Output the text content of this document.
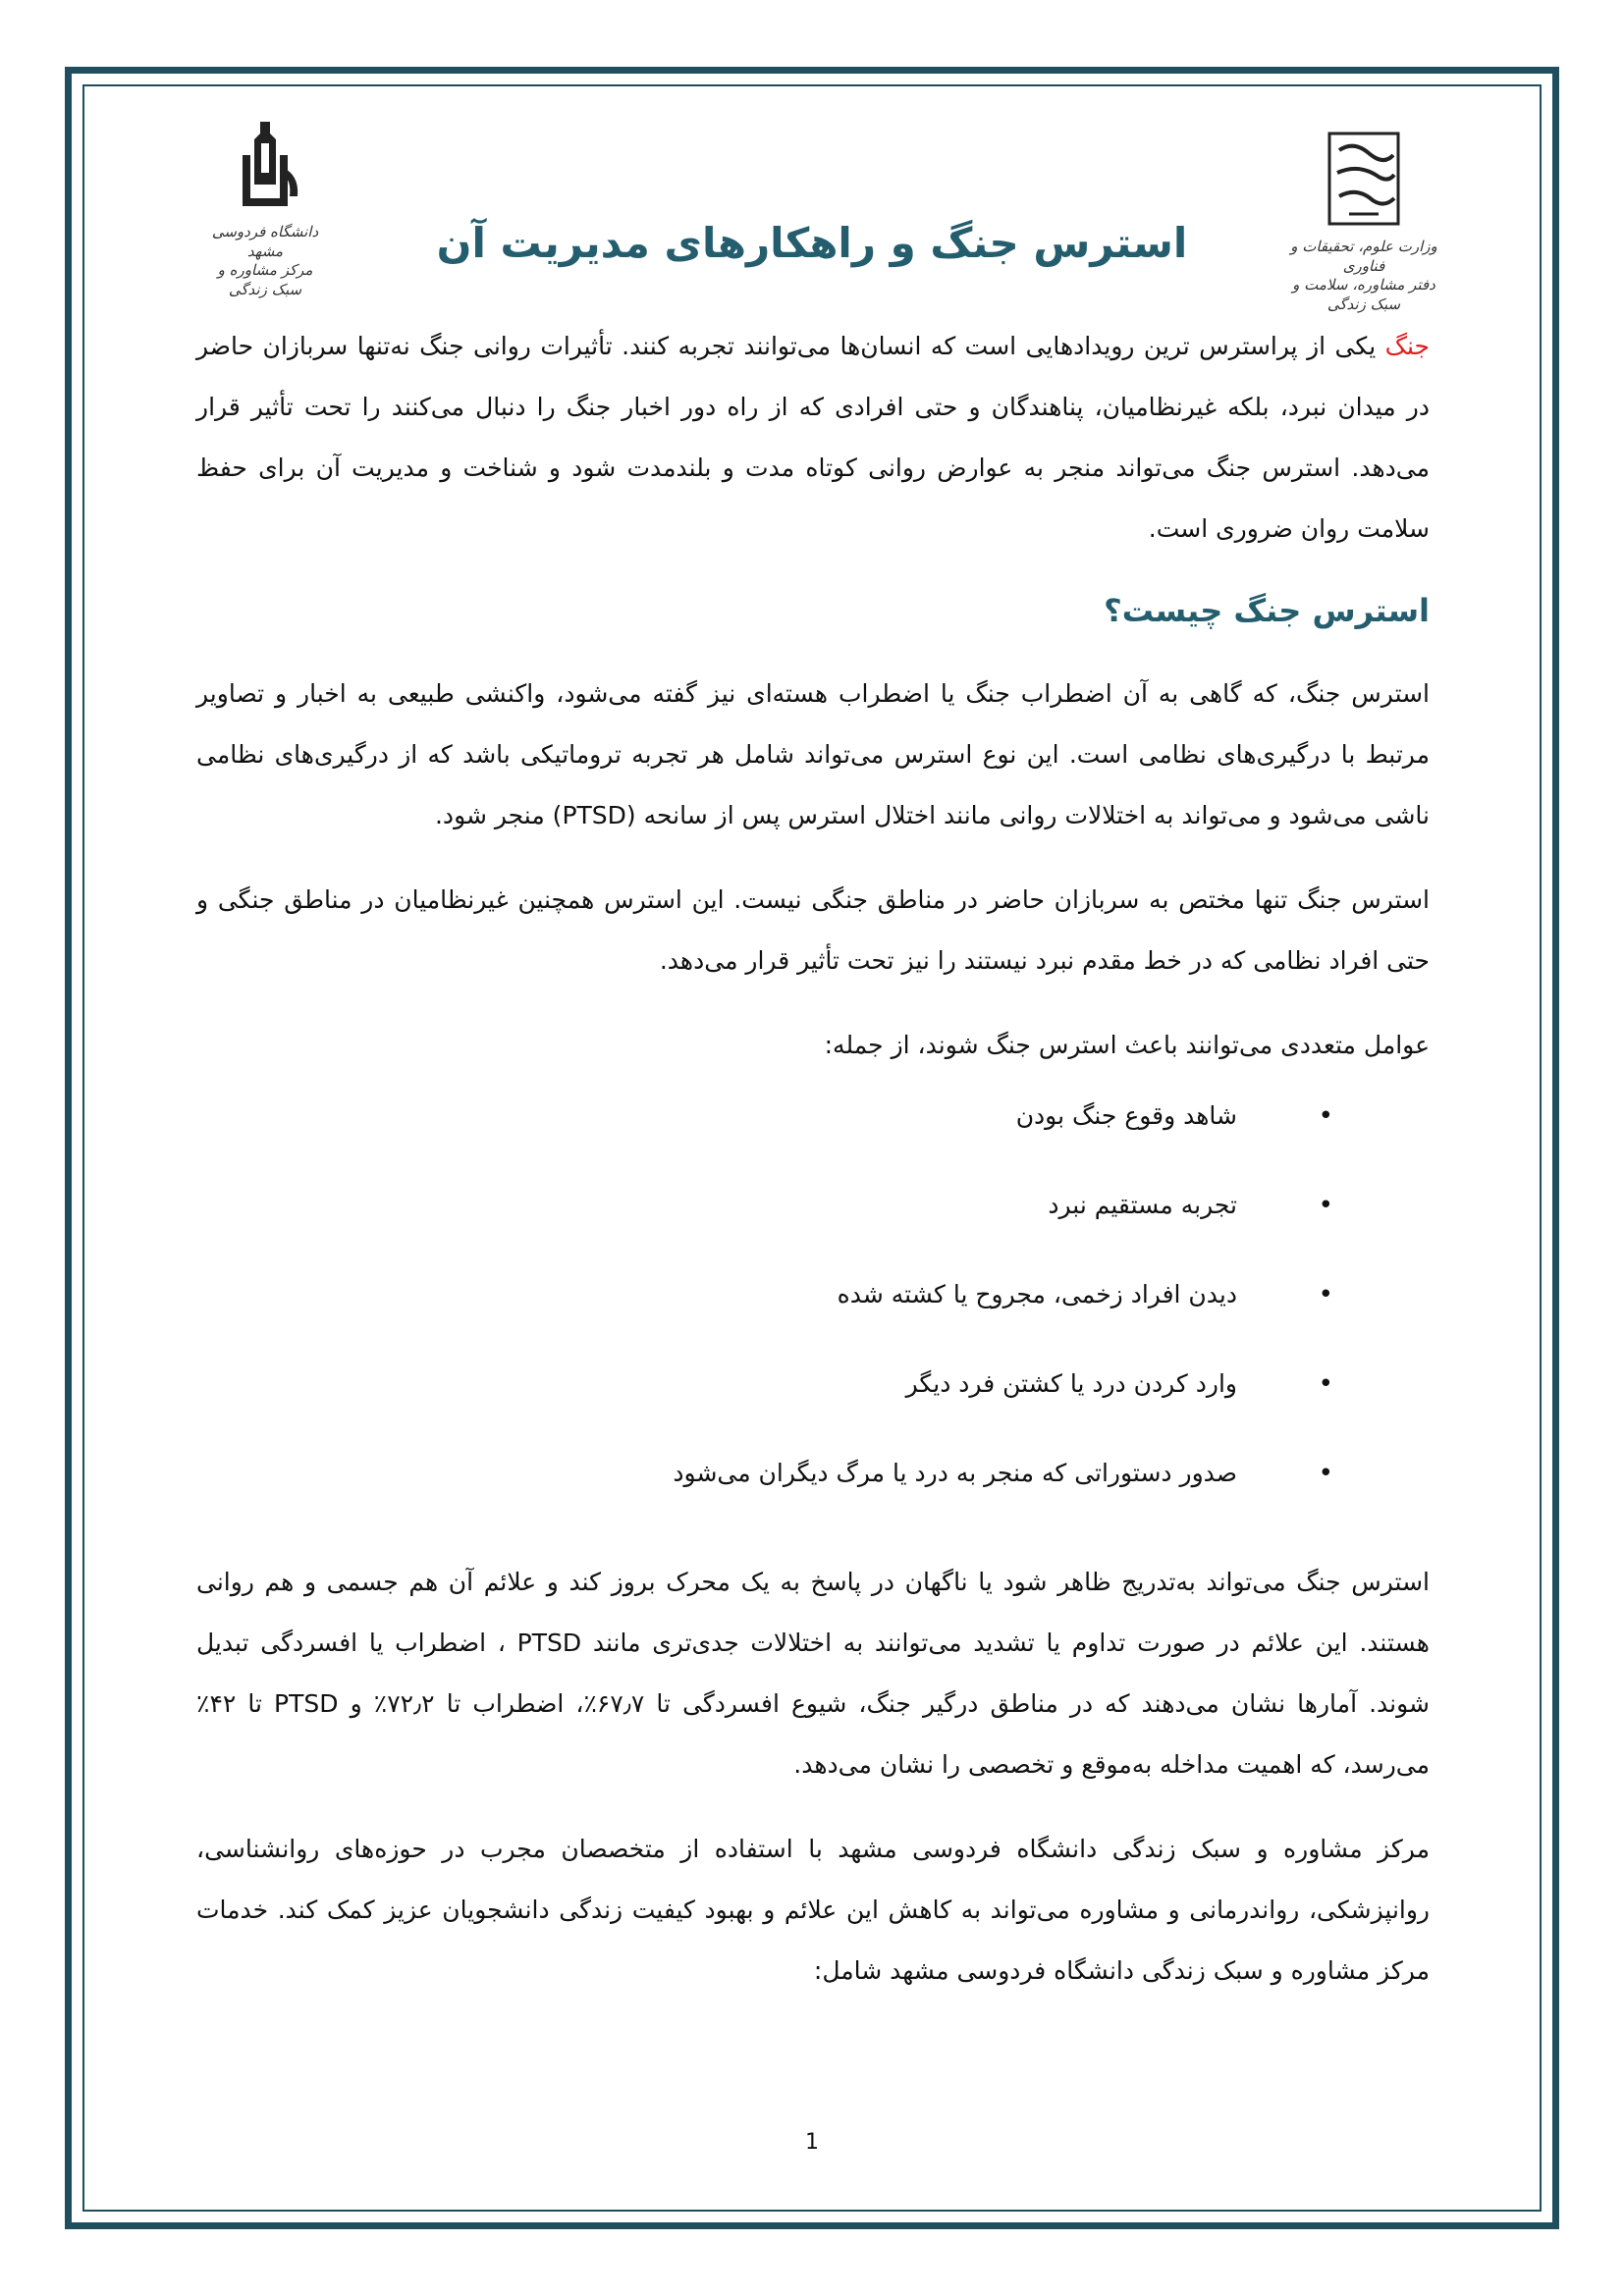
وزارت علوم، تحقیقات و فناوری
دفتر مشاوره، سلامت و سبک زندگی
دانشگاه فردوسی مشهد
مرکز مشاوره و سبک زندگی
استرس جنگ و راهکارهای مدیریت آن

جنگ یکی از پراسترس ترین رویدادهایی است که انسان‌ها می‌توانند تجربه کنند. تأثیرات روانی جنگ نه‌تنها سربازان حاضر در میدان نبرد، بلکه غیرنظامیان، پناهندگان و حتی افرادی که از راه دور اخبار جنگ را دنبال می‌کنند را تحت تأثیر قرار می‌دهد. استرس جنگ می‌تواند منجر به عوارض روانی کوتاه مدت و بلندمدت شود و شناخت و مدیریت آن برای حفظ سلامت روان ضروری است.

استرس جنگ چیست؟

استرس جنگ، که گاهی به آن اضطراب جنگ یا اضطراب هسته‌ای نیز گفته می‌شود، واکنشی طبیعی به اخبار و تصاویر مرتبط با درگیری‌های نظامی است. این نوع استرس می‌تواند شامل هر تجربه تروماتیکی باشد که از درگیری‌های نظامی ناشی می‌شود و می‌تواند به اختلالات روانی مانند اختلال استرس پس از سانحه (PTSD) منجر شود.

استرس جنگ تنها مختص به سربازان حاضر در مناطق جنگی نیست. این استرس همچنین غیرنظامیان در مناطق جنگی و حتی افراد نظامی که در خط مقدم نبرد نیستند را نیز تحت تأثیر قرار می‌دهد.

عوامل متعددی می‌توانند باعث استرس جنگ شوند، از جمله:

•
شاهد وقوع جنگ بودن
•
تجربه مستقیم نبرد
•
دیدن افراد زخمی، مجروح یا کشته شده
•
وارد کردن درد یا کشتن فرد دیگر
•
صدور دستوراتی که منجر به درد یا مرگ دیگران می‌شود

استرس جنگ می‌تواند به‌تدریج ظاهر شود یا ناگهان در پاسخ به یک محرک بروز کند و علائم آن هم جسمی و هم روانی هستند. این علائم در صورت تداوم یا تشدید می‌توانند به اختلالات جدی‌تری مانند PTSD ، اضطراب یا افسردگی تبدیل شوند. آمارها نشان می‌دهند که در مناطق درگیر جنگ، شیوع افسردگی تا ۶۷٫۷٪، اضطراب تا ۷۲٫۲٪ و PTSD تا ۴۲٪ می‌رسد، که اهمیت مداخله به‌موقع و تخصصی را نشان می‌دهد.

مرکز مشاوره و سبک زندگی دانشگاه فردوسی مشهد با استفاده از متخصصان مجرب در حوزه‌های روانشناسی، روانپزشکی، رواندرمانی و مشاوره می‌تواند به کاهش این علائم و بهبود کیفیت زندگی دانشجویان عزیز کمک کند. خدمات مرکز مشاوره و سبک زندگی دانشگاه فردوسی مشهد شامل:

1
